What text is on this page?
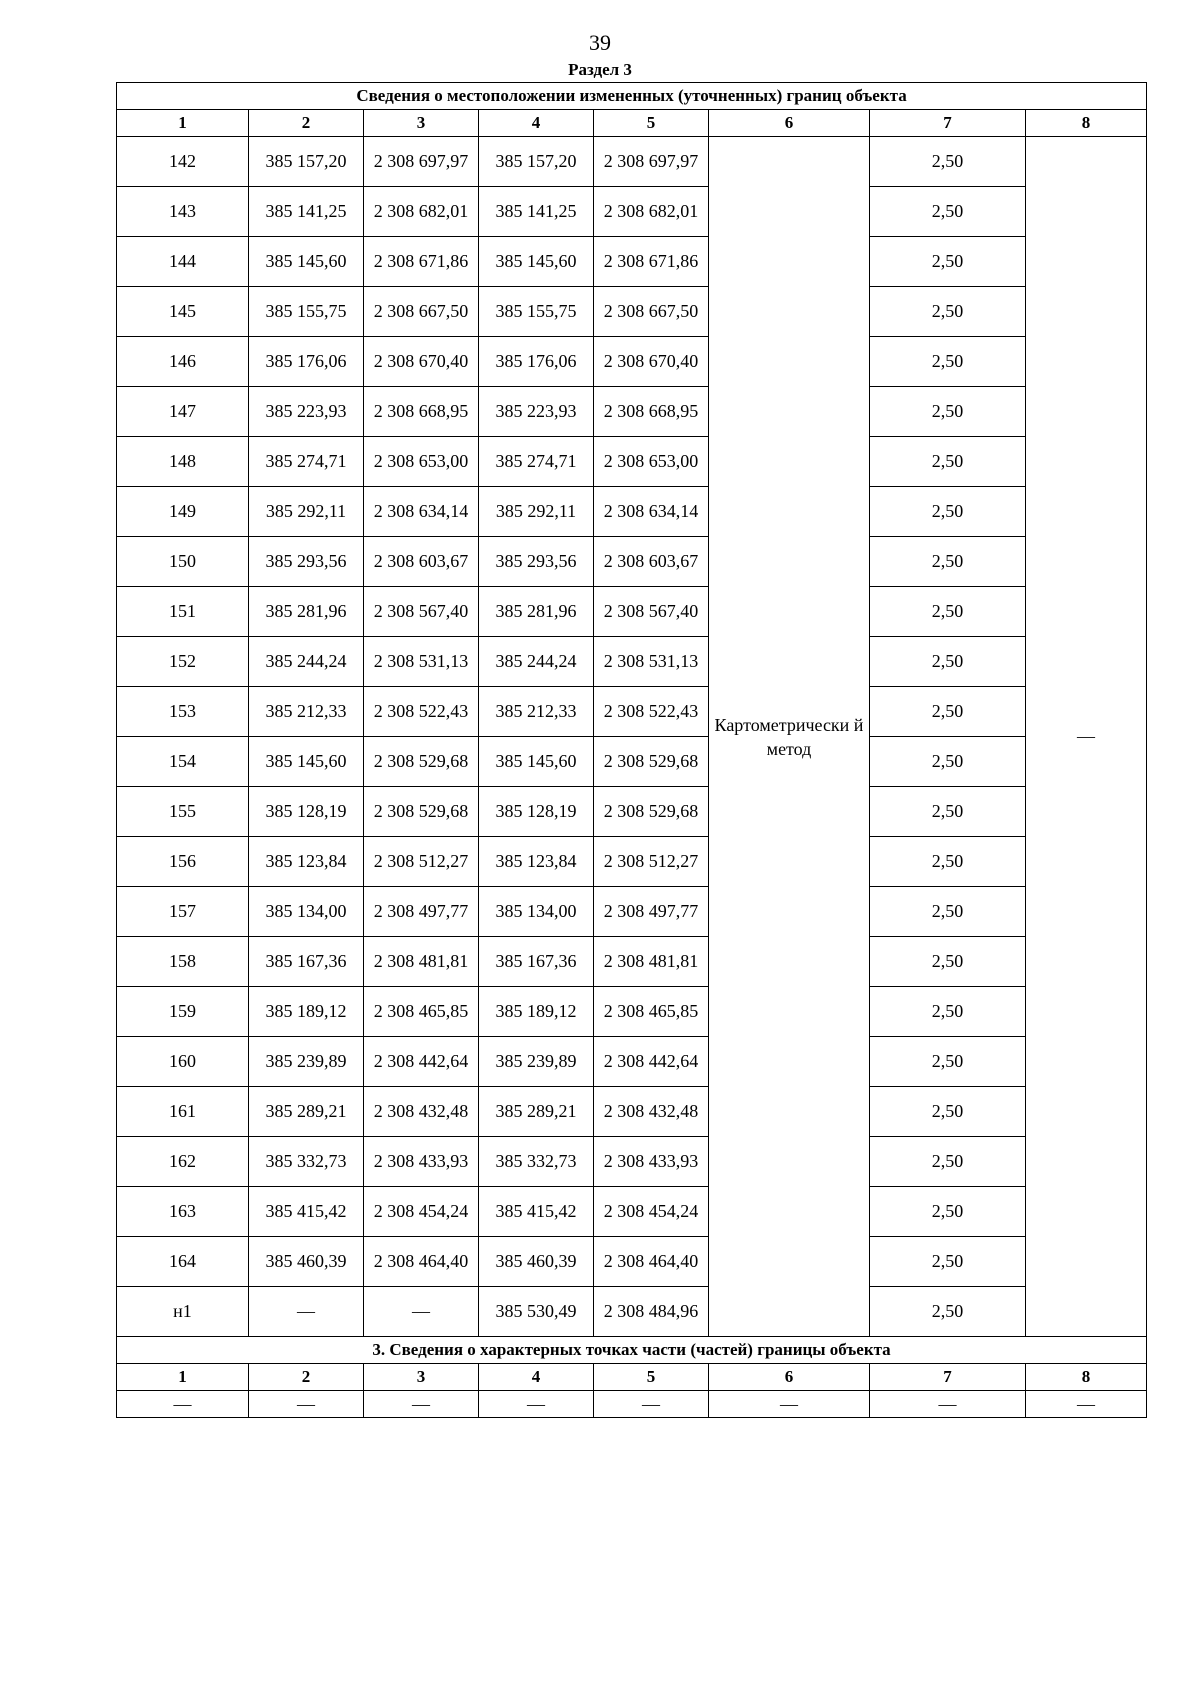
39
Раздел 3
Сведения о местоположении измененных (уточненных) границ объекта							
1	2	3	4	5	6	7	8
142	385 157,20	2 308 697,97	385 157,20	2 308 697,97	Картометрически й метод	2,50	—
143	385 141,25	2 308 682,01	385 141,25	2 308 682,01		2,50	
144	385 145,60	2 308 671,86	385 145,60	2 308 671,86		2,50	
145	385 155,75	2 308 667,50	385 155,75	2 308 667,50		2,50	
146	385 176,06	2 308 670,40	385 176,06	2 308 670,40		2,50	
147	385 223,93	2 308 668,95	385 223,93	2 308 668,95		2,50	
148	385 274,71	2 308 653,00	385 274,71	2 308 653,00		2,50	
149	385 292,11	2 308 634,14	385 292,11	2 308 634,14		2,50	
150	385 293,56	2 308 603,67	385 293,56	2 308 603,67		2,50	
151	385 281,96	2 308 567,40	385 281,96	2 308 567,40		2,50	
152	385 244,24	2 308 531,13	385 244,24	2 308 531,13		2,50	
153	385 212,33	2 308 522,43	385 212,33	2 308 522,43		2,50	
154	385 145,60	2 308 529,68	385 145,60	2 308 529,68		2,50	
155	385 128,19	2 308 529,68	385 128,19	2 308 529,68		2,50	
156	385 123,84	2 308 512,27	385 123,84	2 308 512,27		2,50	
157	385 134,00	2 308 497,77	385 134,00	2 308 497,77		2,50	
158	385 167,36	2 308 481,81	385 167,36	2 308 481,81		2,50	
159	385 189,12	2 308 465,85	385 189,12	2 308 465,85		2,50	
160	385 239,89	2 308 442,64	385 239,89	2 308 442,64		2,50	
161	385 289,21	2 308 432,48	385 289,21	2 308 432,48		2,50	
162	385 332,73	2 308 433,93	385 332,73	2 308 433,93		2,50	
163	385 415,42	2 308 454,24	385 415,42	2 308 454,24		2,50	
164	385 460,39	2 308 464,40	385 460,39	2 308 464,40		2,50	
н1	—	—	385 530,49	2 308 484,96		2,50	
3. Сведения о характерных точках части (частей) границы объекта							
1	2	3	4	5	6	7	8
—	—	—	—	—	—	—	—
